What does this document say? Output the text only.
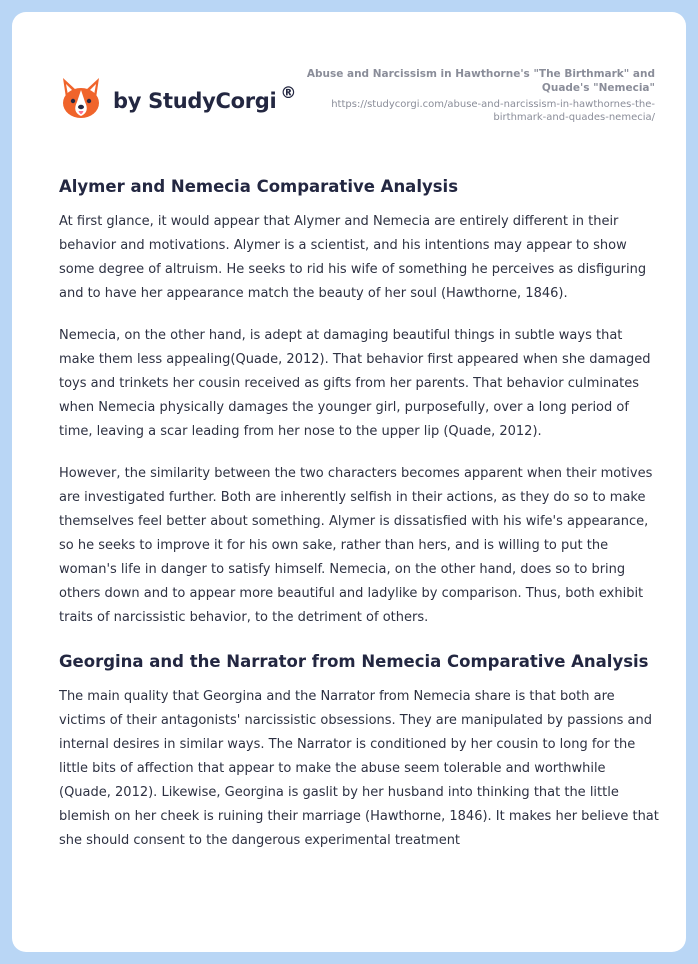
by StudyCorgi ®
Abuse and Narcissism in Hawthorne's "The Birthmark" and Quade's "Nemecia"
https://studycorgi.com/abuse-and-narcissism-in-hawthornes-the-birthmark-and-quades-nemecia/
Alymer and Nemecia Comparative Analysis

At first glance, it would appear that Alymer and Nemecia are entirely different in their behavior and motivations. Alymer is a scientist, and his intentions may appear to show some degree of altruism. He seeks to rid his wife of something he perceives as disfiguring and to have her appearance match the beauty of her soul (Hawthorne, 1846).

Nemecia, on the other hand, is adept at damaging beautiful things in subtle ways that make them less appealing(Quade, 2012). That behavior first appeared when she damaged toys and trinkets her cousin received as gifts from her parents. That behavior culminates when Nemecia physically damages the younger girl, purposefully, over a long period of time, leaving a scar leading from her nose to the upper lip (Quade, 2012).

However, the similarity between the two characters becomes apparent when their motives are investigated further. Both are inherently selfish in their actions, as they do so to make themselves feel better about something. Alymer is dissatisfied with his wife's appearance, so he seeks to improve it for his own sake, rather than hers, and is willing to put the woman's life in danger to satisfy himself. Nemecia, on the other hand, does so to bring others down and to appear more beautiful and ladylike by comparison. Thus, both exhibit traits of narcissistic behavior, to the detriment of others.

Georgina and the Narrator from Nemecia Comparative Analysis

The main quality that Georgina and the Narrator from Nemecia share is that both are victims of their antagonists' narcissistic obsessions. They are manipulated by passions and internal desires in similar ways. The Narrator is conditioned by her cousin to long for the little bits of affection that appear to make the abuse seem tolerable and worthwhile (Quade, 2012). Likewise, Georgina is gaslit by her husband into thinking that the little blemish on her cheek is ruining their marriage (Hawthorne, 1846). It makes her believe that she should consent to the dangerous experimental treatment
